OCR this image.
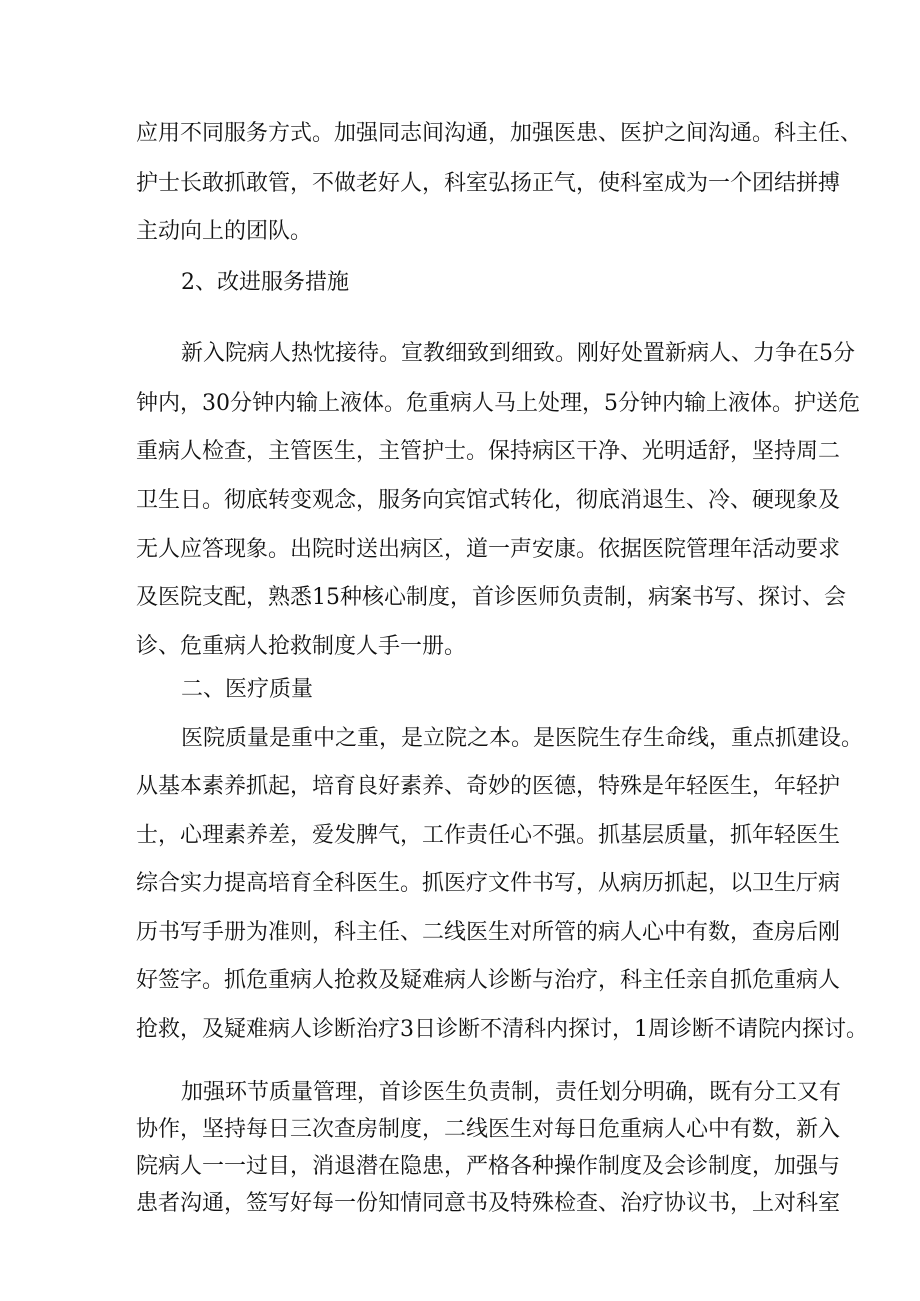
应用不同服务方式。加强同志间沟通，加强医患、医护之间沟通。科主任、
护士长敢抓敢管，不做老好人，科室弘扬正气，使科室成为一个团结拼搏
主动向上的团队。
2、改进服务措施
新入院病人热忱接待。宣教细致到细致。刚好处置新病人、力争在5分
钟内，30分钟内输上液体。危重病人马上处理，5分钟内输上液体。护送危
重病人检查，主管医生，主管护士。保持病区干净、光明适舒，坚持周二
卫生日。彻底转变观念，服务向宾馆式转化，彻底消退生、冷、硬现象及
无人应答现象。出院时送出病区，道一声安康。依据医院管理年活动要求
及医院支配，熟悉15种核心制度，首诊医师负责制，病案书写、探讨、会
诊、危重病人抢救制度人手一册。
二、医疗质量
医院质量是重中之重，是立院之本。是医院生存生命线，重点抓建设。
从基本素养抓起，培育良好素养、奇妙的医德，特殊是年轻医生，年轻护
士，心理素养差，爱发脾气，工作责任心不强。抓基层质量，抓年轻医生
综合实力提高培育全科医生。抓医疗文件书写，从病历抓起，以卫生厅病
历书写手册为准则，科主任、二线医生对所管的病人心中有数，查房后刚
好签字。抓危重病人抢救及疑难病人诊断与治疗，科主任亲自抓危重病人
抢救，及疑难病人诊断治疗3日诊断不清科内探讨，1周诊断不请院内探讨。
加强环节质量管理，首诊医生负责制，责任划分明确，既有分工又有
协作，坚持每日三次查房制度，二线医生对每日危重病人心中有数，新入
院病人一一过目，消退潜在隐患，严格各种操作制度及会诊制度，加强与
患者沟通，签写好每一份知情同意书及特殊检查、治疗协议书，上对科室
